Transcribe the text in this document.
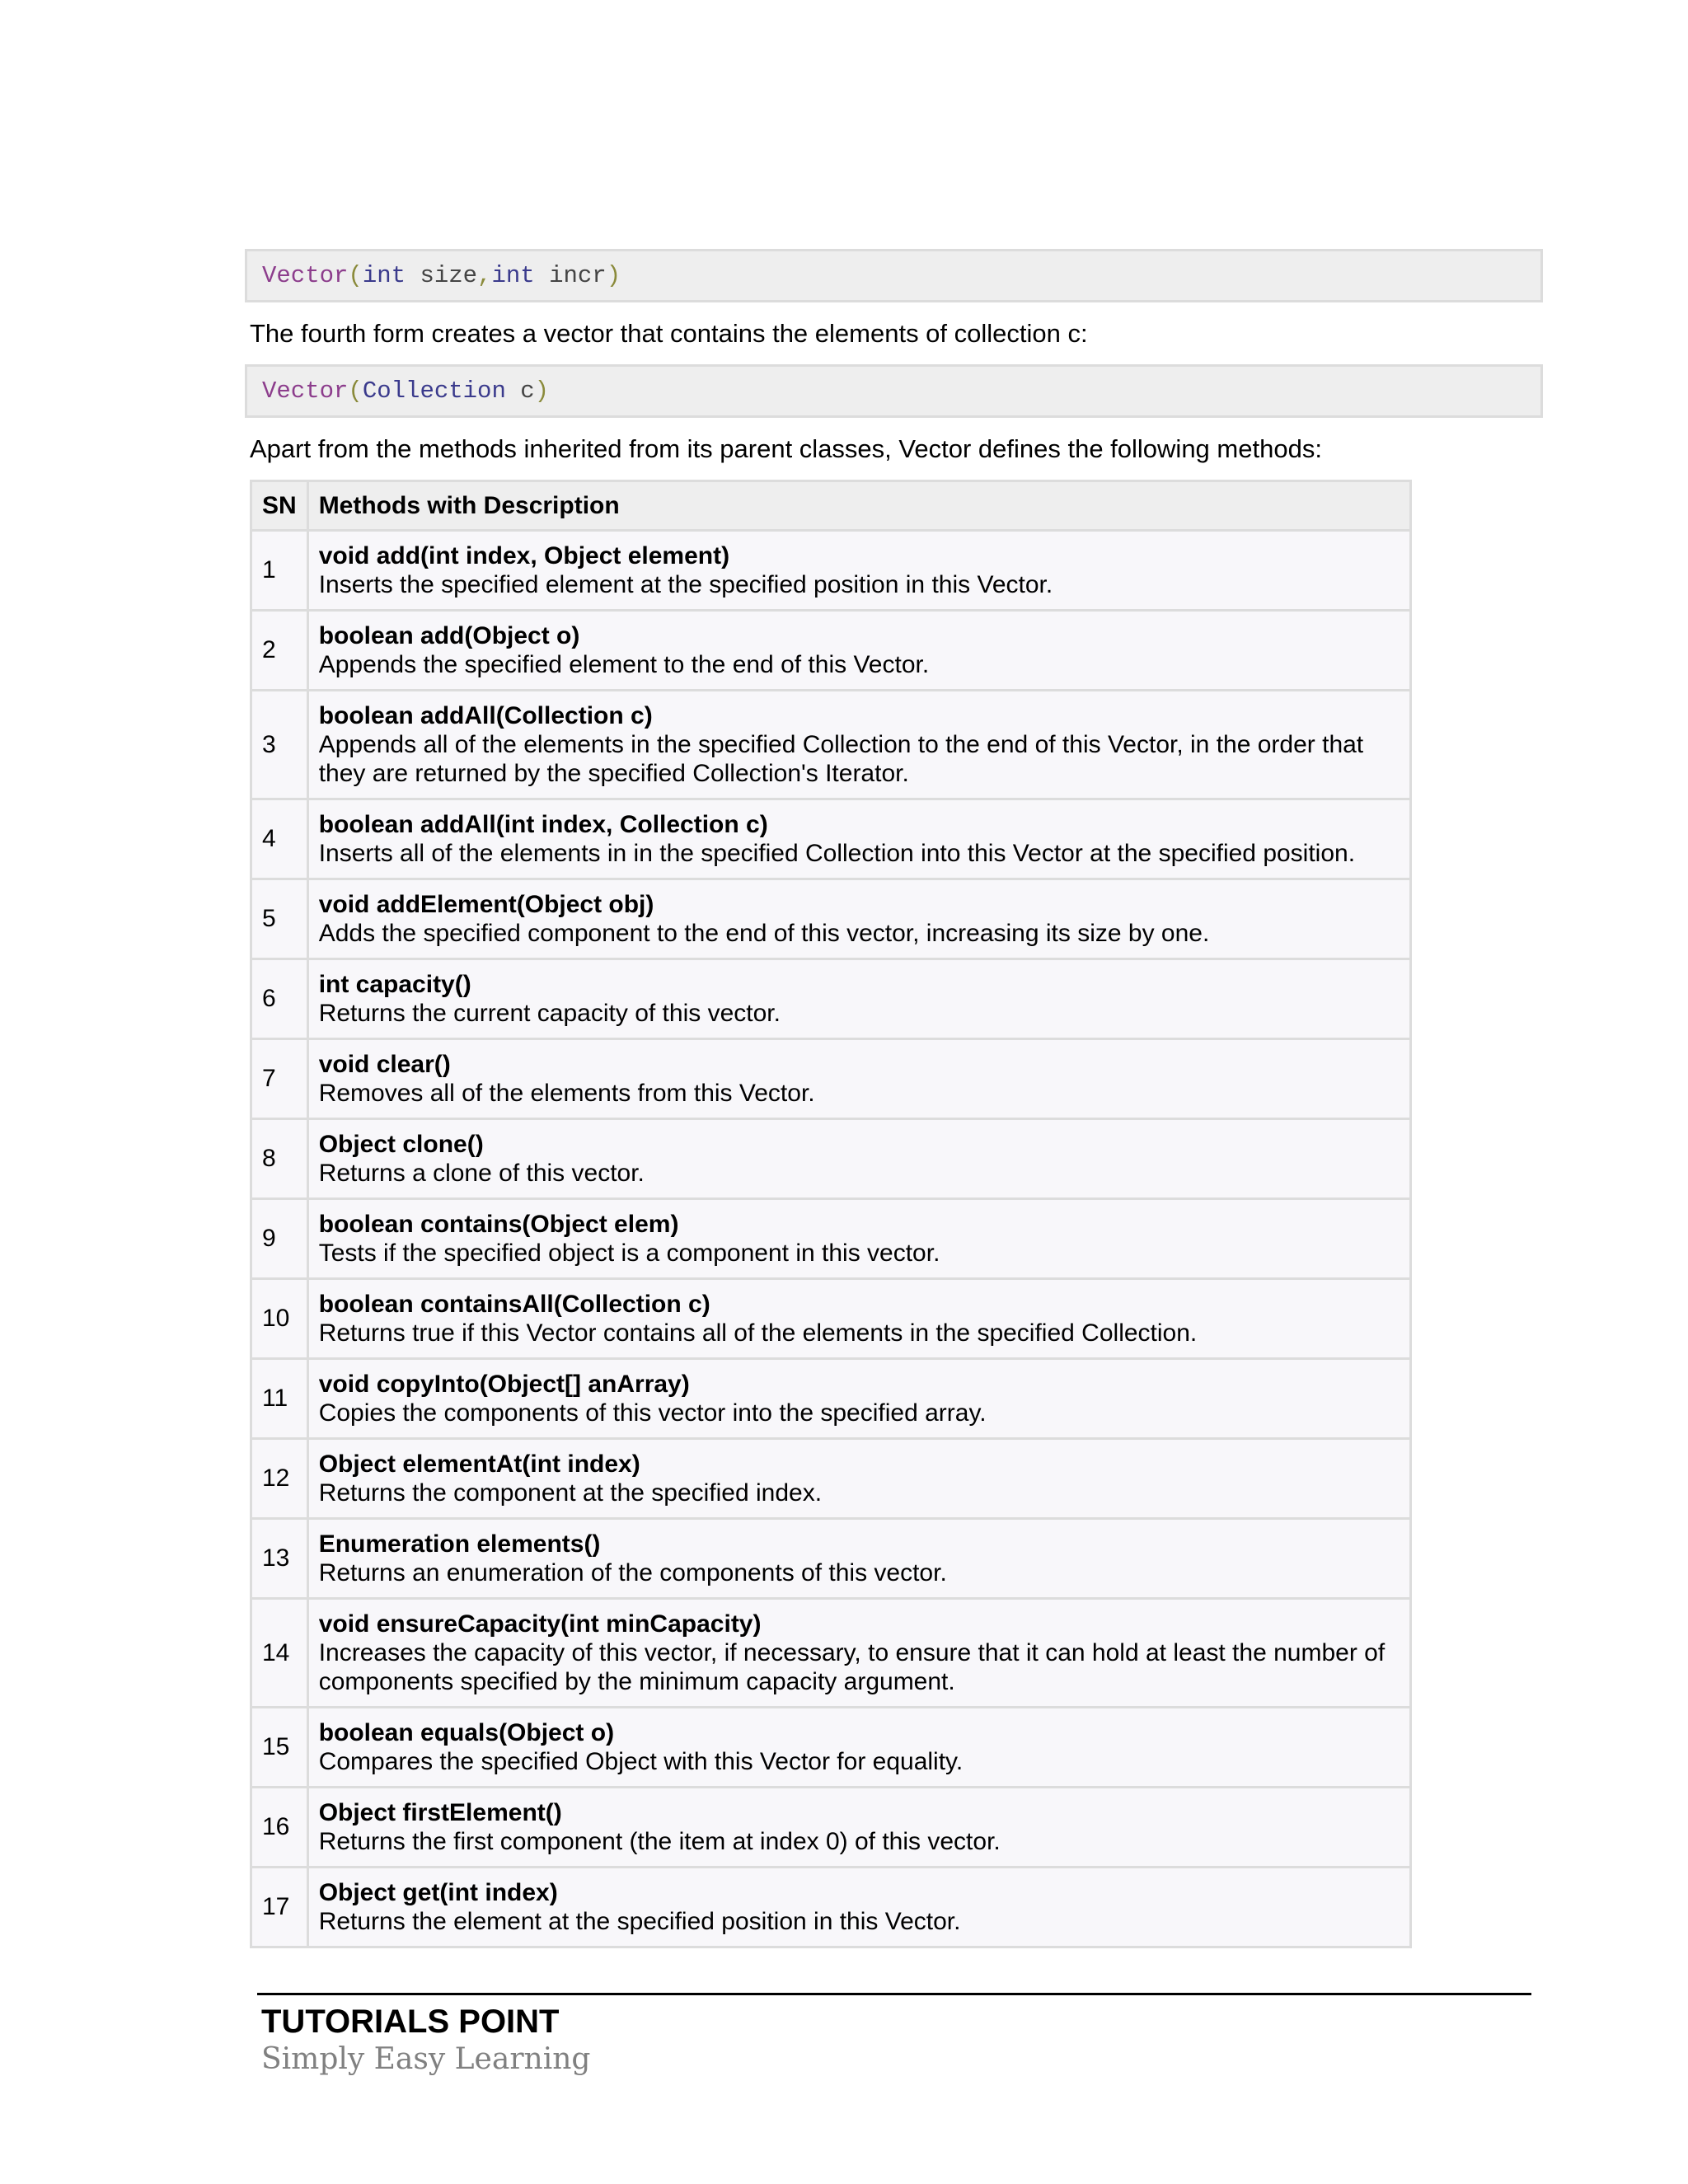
Vector(int size,int incr)

The fourth form creates a vector that contains the elements of collection c:

Vector(Collection c)

Apart from the methods inherited from its parent classes, Vector defines the following methods:

SN	Methods with Description
1	void add(int index, Object element)
Inserts the specified element at the specified position in this Vector.

2	boolean add(Object o)
Appends the specified element to the end of this Vector.

3	boolean addAll(Collection c)
Appends all of the elements in the specified Collection to the end of this Vector, in the order that they are returned by the specified Collection's Iterator.

4	boolean addAll(int index, Collection c)
Inserts all of the elements in in the specified Collection into this Vector at the specified position.

5	void addElement(Object obj)
Adds the specified component to the end of this vector, increasing its size by one.

6	int capacity()
Returns the current capacity of this vector.

7	void clear()
Removes all of the elements from this Vector.

8	Object clone()
Returns a clone of this vector.

9	boolean contains(Object elem)
Tests if the specified object is a component in this vector.

10	boolean containsAll(Collection c)
Returns true if this Vector contains all of the elements in the specified Collection.

11	void copyInto(Object[] anArray)
Copies the components of this vector into the specified array.

12	Object elementAt(int index)
Returns the component at the specified index.

13	Enumeration elements()
Returns an enumeration of the components of this vector.

14	void ensureCapacity(int minCapacity)
Increases the capacity of this vector, if necessary, to ensure that it can hold at least the number of components specified by the minimum capacity argument.

15	boolean equals(Object o)
Compares the specified Object with this Vector for equality.

16	Object firstElement()
Returns the first component (the item at index 0) of this vector.

17	Object get(int index)
Returns the element at the specified position in this Vector.
TUTORIALS POINT
Simply Easy Learning
